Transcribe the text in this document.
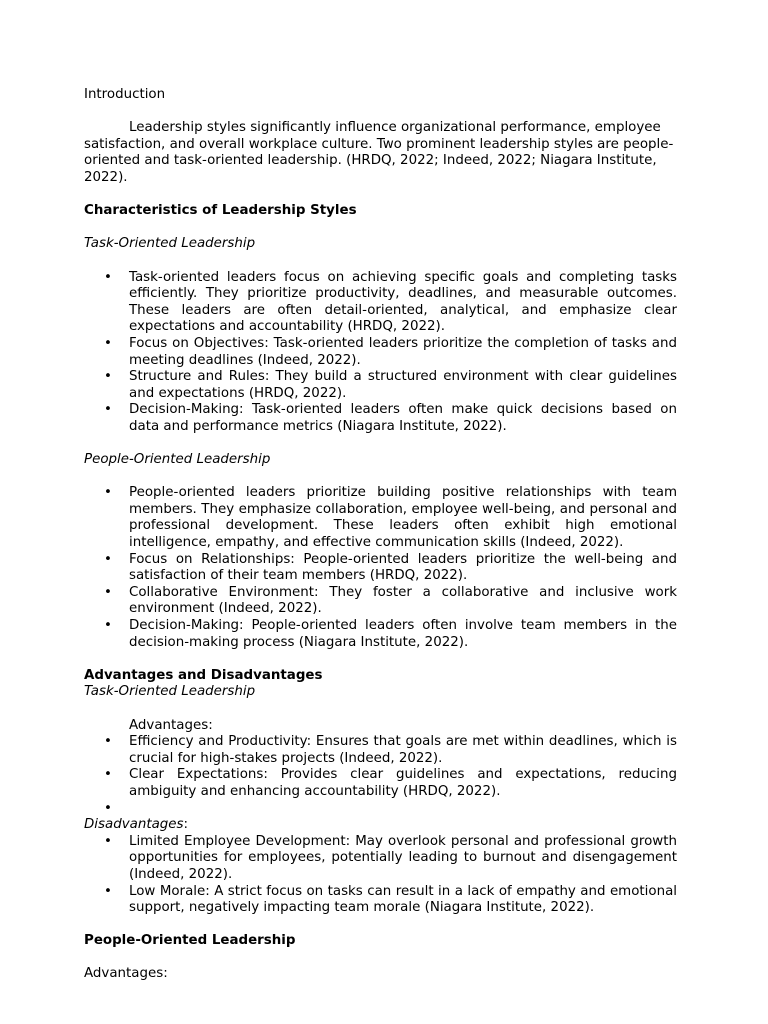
Introduction

Leadership styles significantly influence organizational performance, employee satisfaction, and overall workplace culture. Two prominent leadership styles are people-oriented and task-oriented leadership. (HRDQ, 2022; Indeed, 2022; Niagara Institute, 2022).

Characteristics of Leadership Styles

Task-Oriented Leadership

• Task-oriented leaders focus on achieving specific goals and completing tasks efficiently. They prioritize productivity, deadlines, and measurable outcomes. These leaders are often detail-oriented, analytical, and emphasize clear expectations and accountability (HRDQ, 2022).
• Focus on Objectives: Task-oriented leaders prioritize the completion of tasks and meeting deadlines (Indeed, 2022).
• Structure and Rules: They build a structured environment with clear guidelines and expectations (HRDQ, 2022).
• Decision-Making: Task-oriented leaders often make quick decisions based on data and performance metrics (Niagara Institute, 2022).

People-Oriented Leadership

• People-oriented leaders prioritize building positive relationships with team members. They emphasize collaboration, employee well-being, and personal and professional development. These leaders often exhibit high emotional intelligence, empathy, and effective communication skills (Indeed, 2022).
• Focus on Relationships: People-oriented leaders prioritize the well-being and satisfaction of their team members (HRDQ, 2022).
• Collaborative Environment: They foster a collaborative and inclusive work environment (Indeed, 2022).
• Decision-Making: People-oriented leaders often involve team members in the decision-making process (Niagara Institute, 2022).

Advantages and Disadvantages

Task-Oriented Leadership

Advantages:

• Efficiency and Productivity: Ensures that goals are met within deadlines, which is crucial for high-stakes projects (Indeed, 2022).
• Clear Expectations: Provides clear guidelines and expectations, reducing ambiguity and enhancing accountability (HRDQ, 2022).
•

Disadvantages:

• Limited Employee Development: May overlook personal and professional growth opportunities for employees, potentially leading to burnout and disengagement (Indeed, 2022).
• Low Morale: A strict focus on tasks can result in a lack of empathy and emotional support, negatively impacting team morale (Niagara Institute, 2022).

People-Oriented Leadership

Advantages:
